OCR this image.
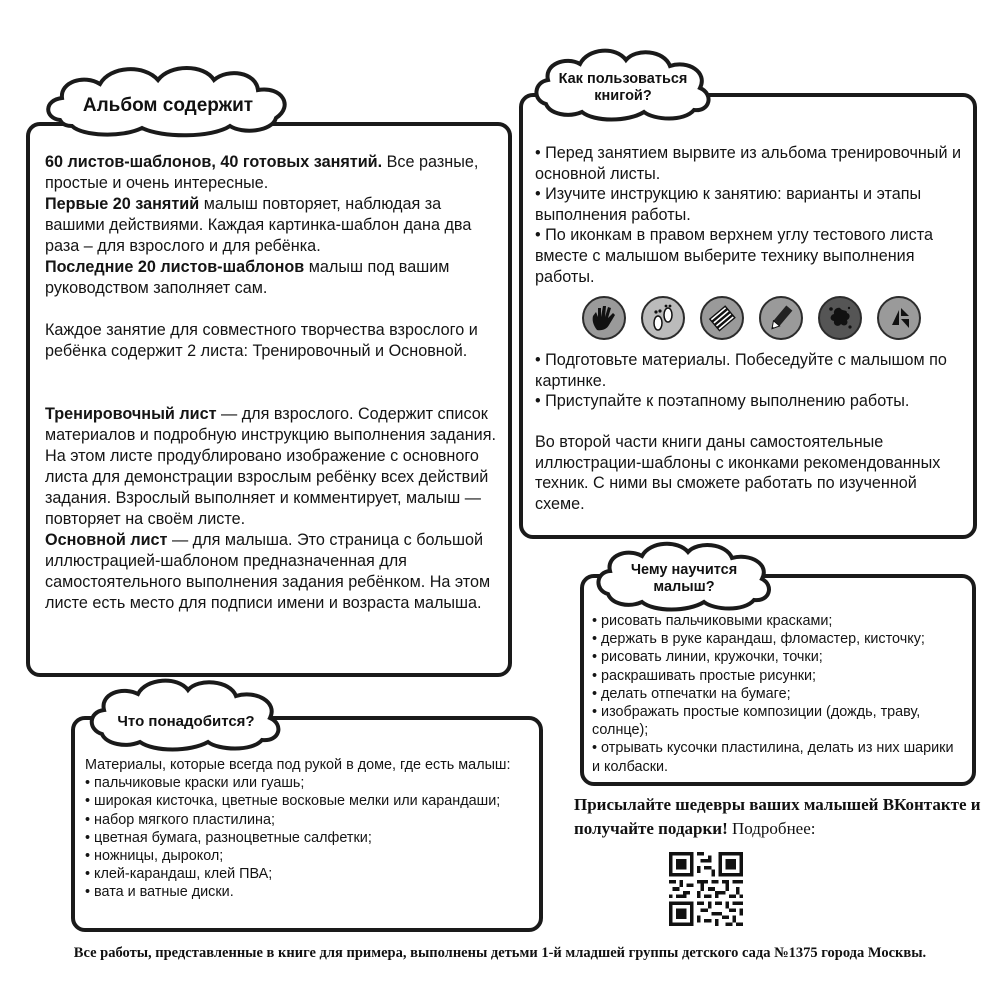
60 листов-шаблонов, 40 готовых занятий. Все разные, простые и очень интересные.

Первые 20 занятий малыш повторяет, наблюдая за вашими действиями. Каждая картинка-шаблон дана два раза – для взрослого и для ребёнка.

Последние 20 листов-шаблонов малыш под вашим руководством заполняет сам.

Каждое занятие для совместного творчества взрослого и ребёнка содержит 2 листа: Тренировочный и Основной.

Тренировочный лист — для взрослого. Содержит список материалов и подробную инструкцию выполнения задания. На этом листе продублировано изображение с основного листа для демонстрации взрослым ребёнку всех действий задания. Взрослый выполняет и комментирует, малыш — повторяет на своём листе.

Основной лист — для малыша. Это страница с большой иллюстрацией-шаблоном предназначенная для самостоятельного выполнения задания ребёнком. На этом листе есть место для подписи имени и возраста малыша.

Альбом содержит

• Перед занятием вырвите из альбома тренировочный и основной листы.

• Изучите инструкцию к занятию: варианты и этапы выполнения работы.

• По иконкам в правом верхнем углу тестового листа вместе с малышом выберите технику выполнения работы.

• Подготовьте материалы. Побеседуйте с малышом по картинке.

• Приступайте к поэтапному выполнению работы.

Во второй части книги даны самостоятельные иллюстрации-шаблоны с иконками рекомендованных техник. С ними вы сможете работать по изученной схеме.

Как пользоваться книгой?

• рисовать пальчиковыми красками;

• держать в руке карандаш, фломастер, кисточку;

• рисовать линии, кружочки, точки;

• раскрашивать простые рисунки;

• делать отпечатки на бумаге;

• изображать простые композиции (дождь, траву, солнце);

• отрывать кусочки пластилина, делать из них шарики и колбаски.

Чему научится малыш?

Материалы, которые всегда под рукой в доме, где есть малыш:

• пальчиковые краски или гуашь;

• широкая кисточка, цветные восковые мелки или карандаши;

• набор мягкого пластилина;

• цветная бумага, разноцветные салфетки;

• ножницы, дырокол;

• клей-карандаш, клей ПВА;

• вата и ватные диски.

Что понадобится?
Присылайте шедевры ваших малышей ВКонтакте и получайте подарки! Подробнее:
Все работы, представленные в книге для примера, выполнены детьми 1-й младшей группы детского сада №1375 города Москвы.
